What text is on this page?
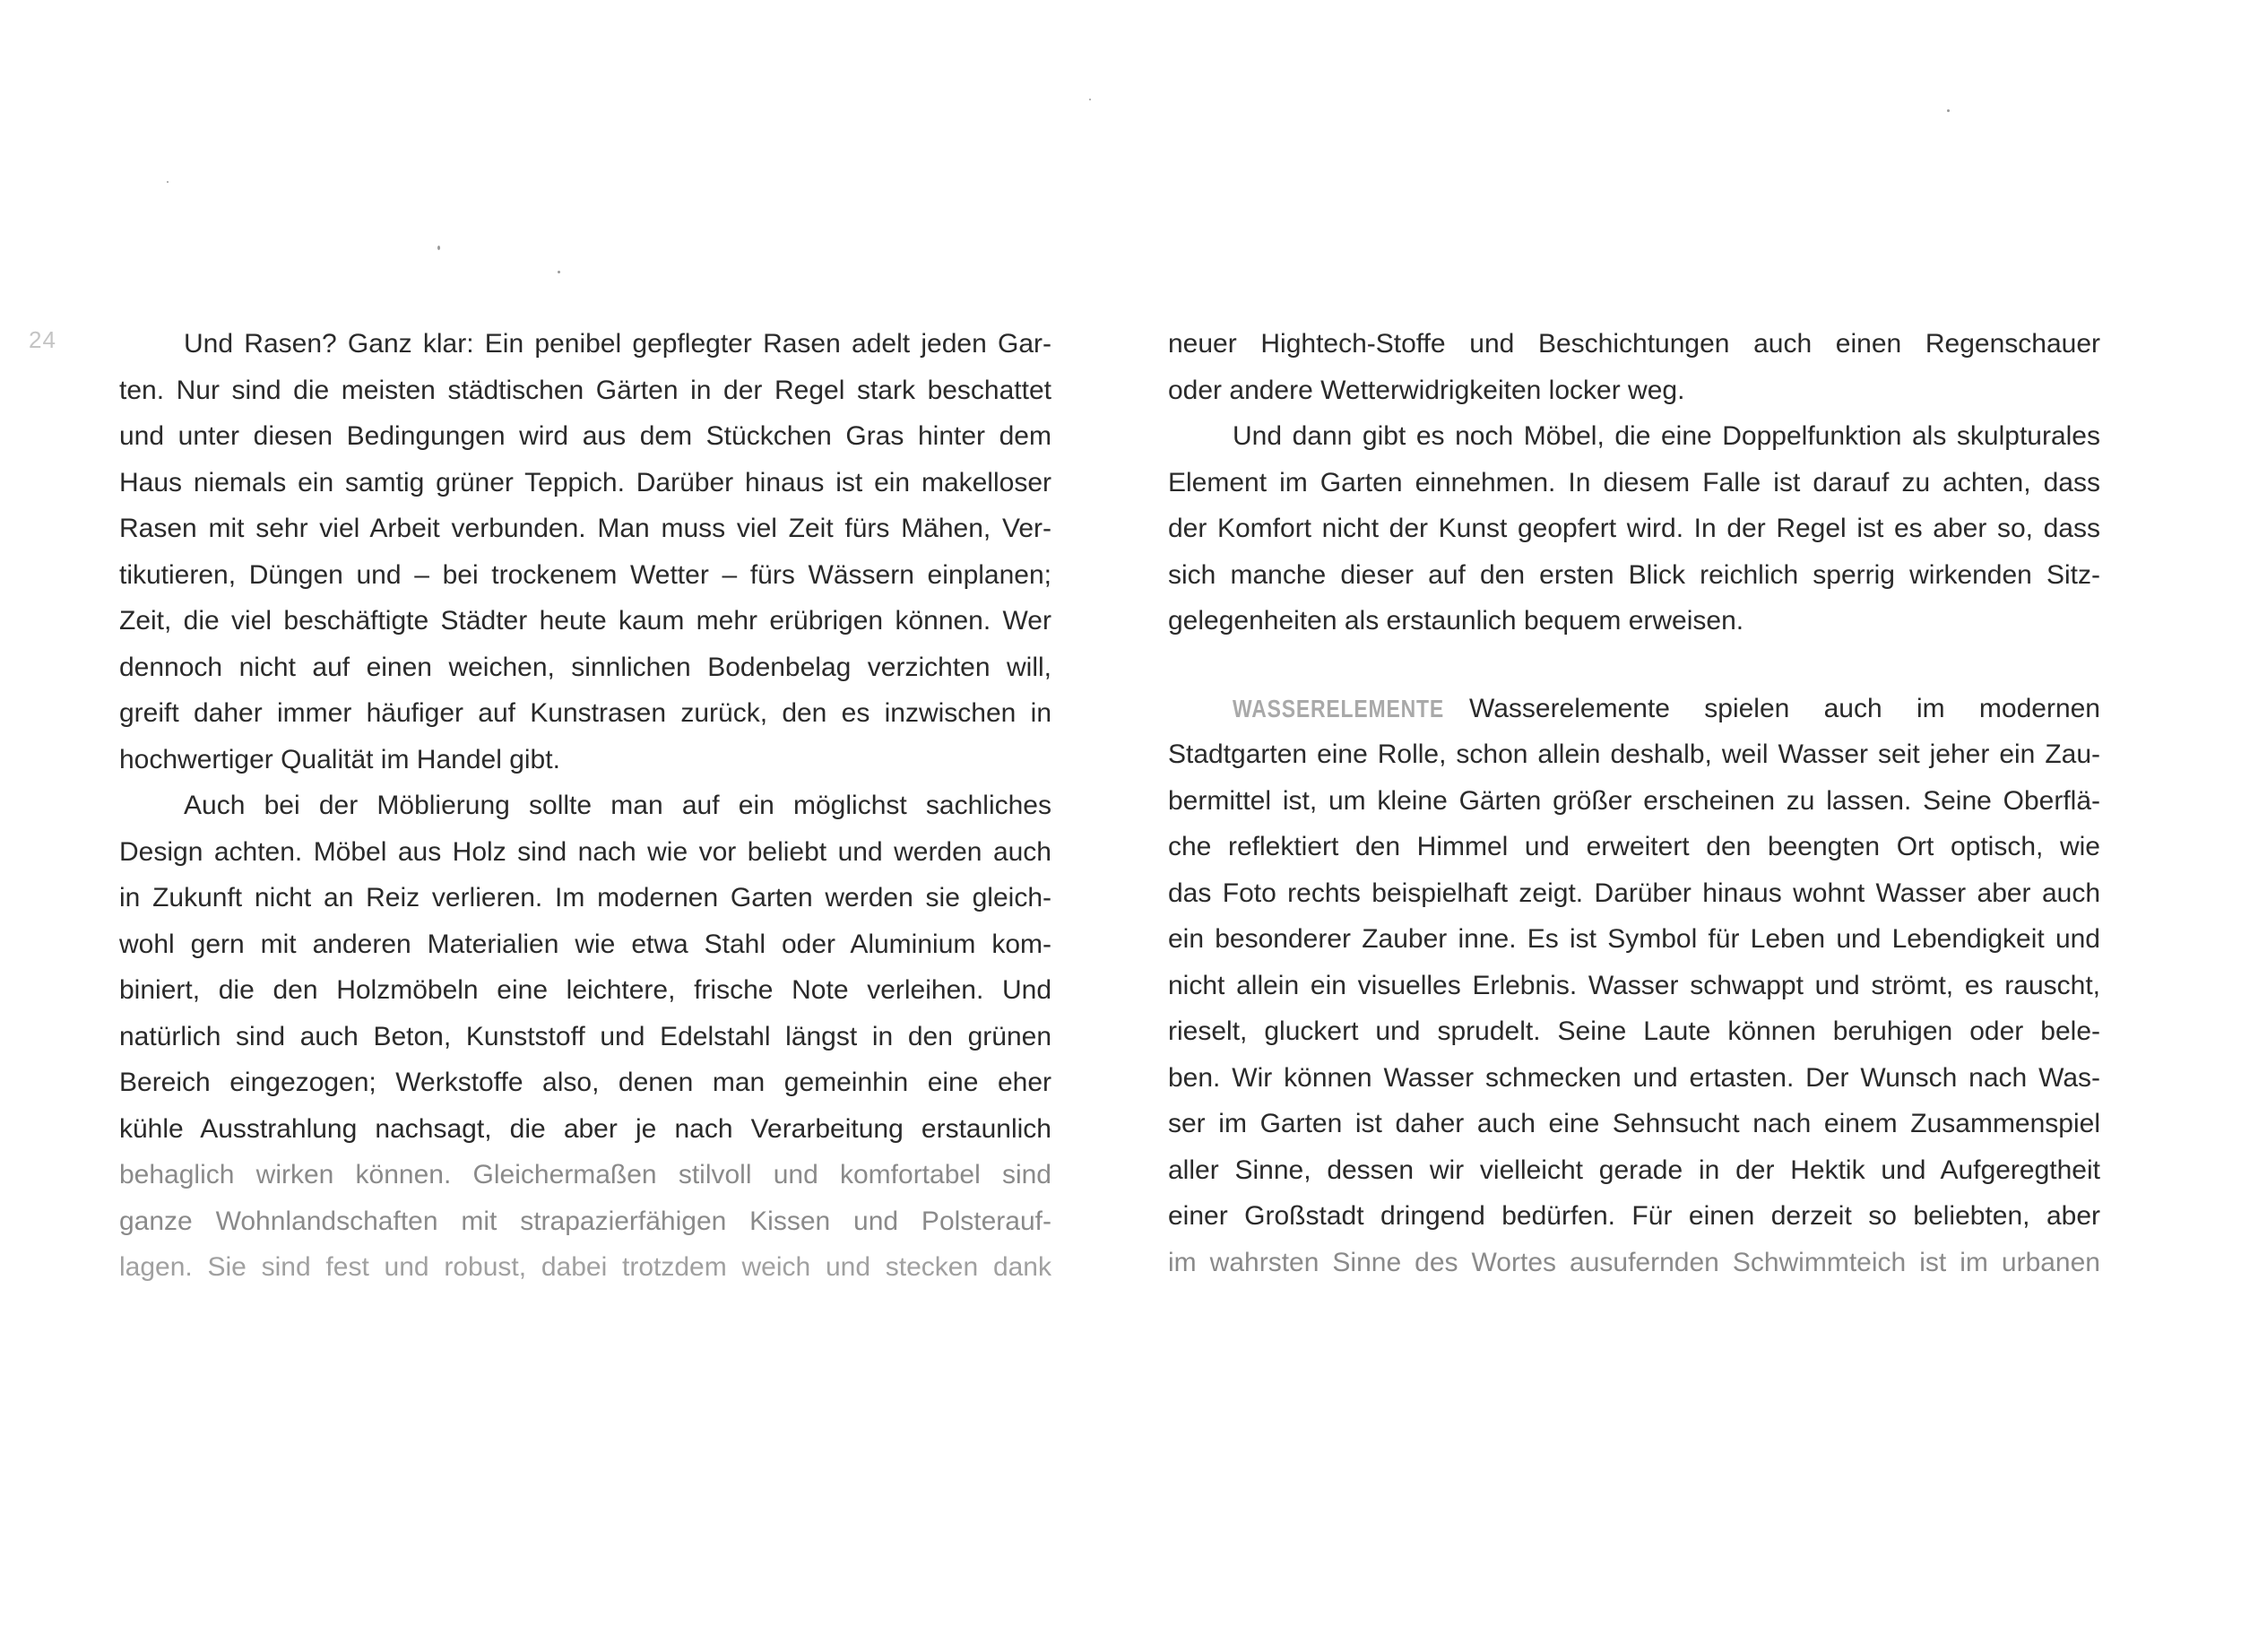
24	Und Rasen? Ganz klar: Ein penibel gepflegter Rasen adelt jeden Gar-
ten. Nur sind die meisten städtischen Gärten in der Regel stark beschattet
und unter diesen Bedingungen wird aus dem Stückchen Gras hinter dem
Haus niemals ein samtig grüner Teppich. Darüber hinaus ist ein makelloser
Rasen mit sehr viel Arbeit verbunden. Man muss viel Zeit fürs Mähen, Ver-
tikutieren, Düngen und – bei trockenem Wetter – fürs Wässern einplanen;
Zeit, die viel beschäftigte Städter heute kaum mehr erübrigen können. Wer
dennoch nicht auf einen weichen, sinnlichen Bodenbelag verzichten will,
greift daher immer häufiger auf Kunstrasen zurück, den es inzwischen in
hochwertiger Qualität im Handel gibt.
Auch bei der Möblierung sollte man auf ein möglichst sachliches
Design achten. Möbel aus Holz sind nach wie vor beliebt und werden auch
in Zukunft nicht an Reiz verlieren. Im modernen Garten werden sie gleich-
wohl gern mit anderen Materialien wie etwa Stahl oder Aluminium kom-
biniert, die den Holzmöbeln eine leichtere, frische Note verleihen. Und
natürlich sind auch Beton, Kunststoff und Edelstahl längst in den grünen
Bereich eingezogen; Werkstoffe also, denen man gemeinhin eine eher
kühle Ausstrahlung nachsagt, die aber je nach Verarbeitung erstaunlich
behaglich wirken können. Gleichermaßen stilvoll und komfortabel sind
ganze Wohnlandschaften mit strapazierfähigen Kissen und Polsterauf-
lagen. Sie sind fest und robust, dabei trotzdem weich und stecken dank
neuer Hightech-Stoffe und Beschichtungen auch einen Regenschauer
oder andere Wetterwidrigkeiten locker weg.
Und dann gibt es noch Möbel, die eine Doppelfunktion als skulpturales
Element im Garten einnehmen. In diesem Falle ist darauf zu achten, dass
der Komfort nicht der Kunst geopfert wird. In der Regel ist es aber so, dass
sich manche dieser auf den ersten Blick reichlich sperrig wirkenden Sitz-
gelegenheiten als erstaunlich bequem erweisen.
WASSERELEMENTE Wasserelemente spielen auch im modernen
Stadtgarten eine Rolle, schon allein deshalb, weil Wasser seit jeher ein Zau-
bermittel ist, um kleine Gärten größer erscheinen zu lassen. Seine Oberflä-
che reflektiert den Himmel und erweitert den beengten Ort optisch, wie
das Foto rechts beispielhaft zeigt. Darüber hinaus wohnt Wasser aber auch
ein besonderer Zauber inne. Es ist Symbol für Leben und Lebendigkeit und
nicht allein ein visuelles Erlebnis. Wasser schwappt und strömt, es rauscht,
rieselt, gluckert und sprudelt. Seine Laute können beruhigen oder bele-
ben. Wir können Wasser schmecken und ertasten. Der Wunsch nach Was-
ser im Garten ist daher auch eine Sehnsucht nach einem Zusammenspiel
aller Sinne, dessen wir vielleicht gerade in der Hektik und Aufgeregtheit
einer Großstadt dringend bedürfen. Für einen derzeit so beliebten, aber
im wahrsten Sinne des Wortes ausufernden Schwimmteich ist im urbanen
